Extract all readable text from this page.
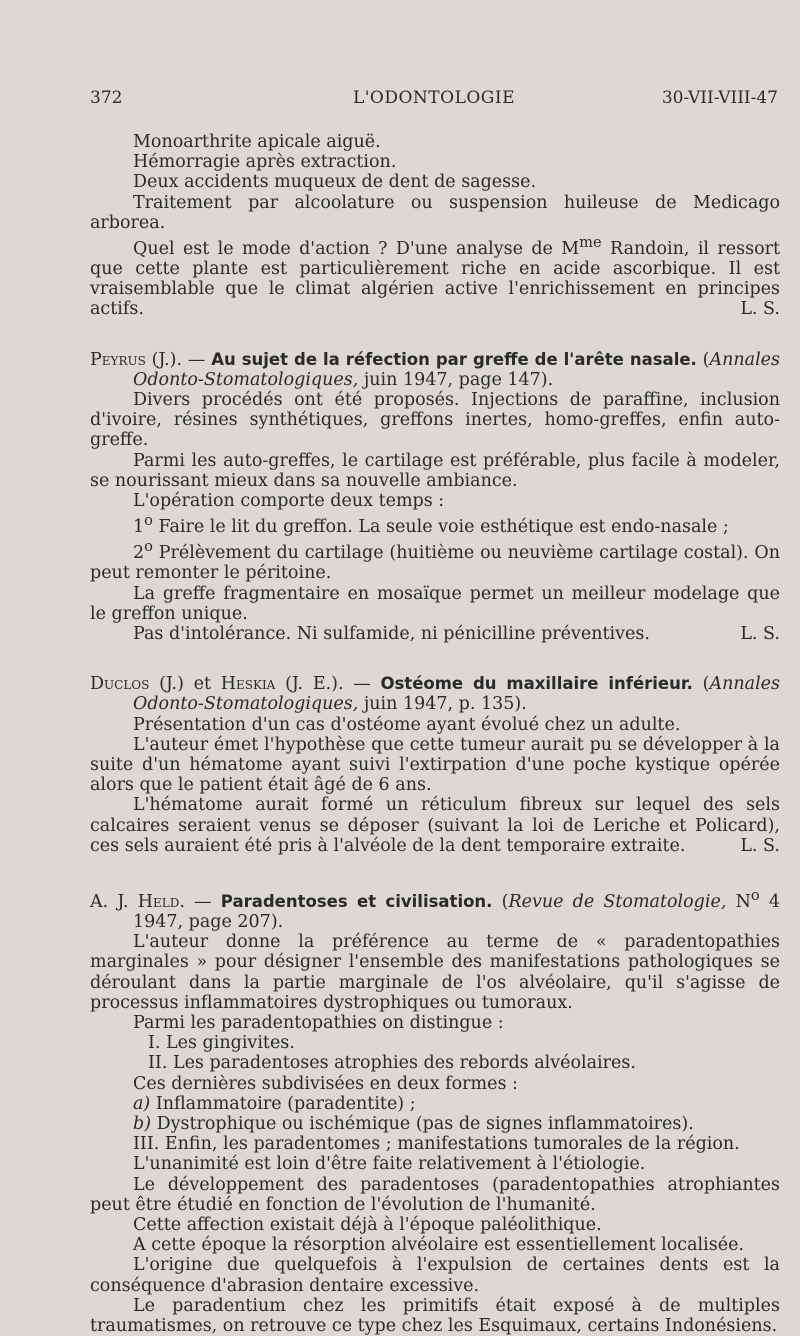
372	L'ODONTOLOGIE	30-VII-VIII-47

Monoarthrite apicale aiguë.

Hémorragie après extraction.

Deux accidents muqueux de dent de sagesse.

Traitement par alcoolature ou suspension huileuse de Medicago arborea.

Quel est le mode d'action ? D'une analyse de $M^{me}$ Randoin, il ressort que cette plante est particulièrement riche en acide ascorbique. Il est vraisemblable que le climat algérien active l'enrichissement en principes actifs.	L. S.

Peyrus (J.). — Au sujet de la réfection par greffe de l'arête nasale. (Annales Odonto-Stomatologiques, juin 1947, page 147).

Divers procédés ont été proposés. Injections de paraffine, inclusion d'ivoire, résines synthétiques, greffons inertes, homo-greffes, enfin auto-greffe.

Parmi les auto-greffes, le cartilage est préférable, plus facile à modeler, se nourissant mieux dans sa nouvelle ambiance.

L'opération comporte deux temps :

1$^o$ Faire le lit du greffon. La seule voie esthétique est endo-nasale ;

2$^o$ Prélèvement du cartilage (huitième ou neuvième cartilage costal). On peut remonter le péritoine.

La greffe fragmentaire en mosaïque permet un meilleur modelage que le greffon unique.

Pas d'intolérance. Ni sulfamide, ni pénicilline préventives.	L. S.

Duclos (J.) et Heskia (J. E.). — Ostéome du maxillaire inférieur. (Annales Odonto-Stomatologiques, juin 1947, p. 135).

Présentation d'un cas d'ostéome ayant évolué chez un adulte.

L'auteur émet l'hypothèse que cette tumeur aurait pu se développer à la suite d'un hématome ayant suivi l'extirpation d'une poche kystique opérée alors que le patient était âgé de 6 ans.

L'hématome aurait formé un réticulum fibreux sur lequel des sels calcaires seraient venus se déposer (suivant la loi de Leriche et Policard), ces sels auraient été pris à l'alvéole de la dent temporaire extraite.	L. S.

A. J. Held. — Paradentoses et civilisation. (Revue de Stomatologie, $N^o$ 4 1947, page 207).

L'auteur donne la préférence au terme de « paradentopathies marginales » pour désigner l'ensemble des manifestations pathologiques se déroulant dans la partie marginale de l'os alvéolaire, qu'il s'agisse de processus inflammatoires dystrophiques ou tumoraux.

Parmi les paradentopathies on distingue :

I. Les gingivites.

II. Les paradentoses atrophies des rebords alvéolaires.

Ces dernières subdivisées en deux formes :

a) Inflammatoire (paradentite) ;

b) Dystrophique ou ischémique (pas de signes inflammatoires).

III. Enfin, les paradentomes ; manifestations tumorales de la région.

L'unanimité est loin d'être faite relativement à l'étiologie.

Le développement des paradentoses (paradentopathies atrophiantes peut être étudié en fonction de l'évolution de l'humanité.

Cette affection existait déjà à l'époque paléolithique.

A cette époque la résorption alvéolaire est essentiellement localisée.

L'origine due quelquefois à l'expulsion de certaines dents est la conséquence d'abrasion dentaire excessive.

Le paradentium chez les primitifs était exposé à de multiples traumatismes, on retrouve ce type chez les Esquimaux, certains Indonésiens.
